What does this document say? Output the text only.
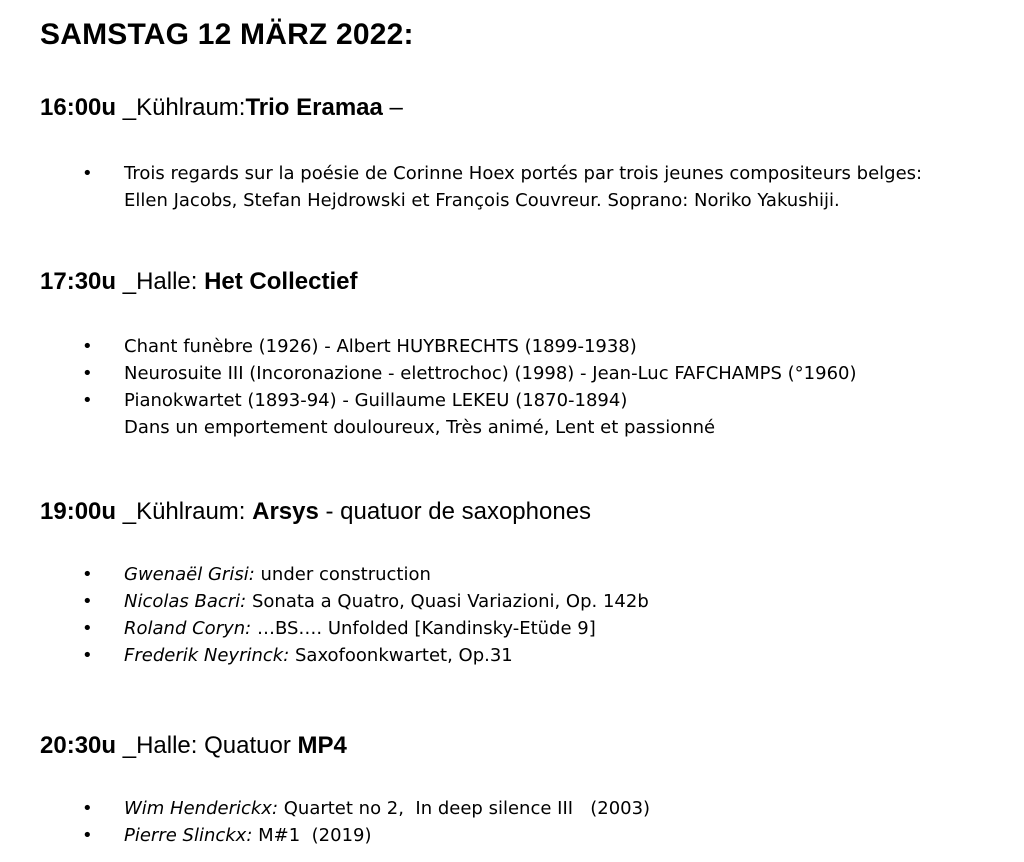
SAMSTAG 12 MÄRZ 2022:
16:00u _Kühlraum:Trio Eramaa –
• Trois regards sur la poésie de Corinne Hoex portés par trois jeunes compositeurs belges:
Ellen Jacobs, Stefan Hejdrowski et François Couvreur. Soprano: Noriko Yakushiji.
17:30u _Halle: Het Collectief
• Chant funèbre (1926) - Albert HUYBRECHTS (1899-1938)
• Neurosuite III (Incoronazione - elettrochoc) (1998) - Jean-Luc FAFCHAMPS (°1960)
• Pianokwartet (1893-94) - Guillaume LEKEU (1870-1894)
Dans un emportement douloureux, Très animé, Lent et passionné
19:00u _Kühlraum: Arsys - quatuor de saxophones
• Gwenaël Grisi: under construction
• Nicolas Bacri: Sonata a Quatro, Quasi Variazioni, Op. 142b
• Roland Coryn: …BS…. Unfolded [Kandinsky-Etüde 9]
• Frederik Neyrinck: Saxofoonkwartet, Op.31
20:30u _Halle: Quatuor MP4
• Wim Henderickx: Quartet no 2,  In deep silence III   (2003)
• Pierre Slinckx: M#1  (2019)
